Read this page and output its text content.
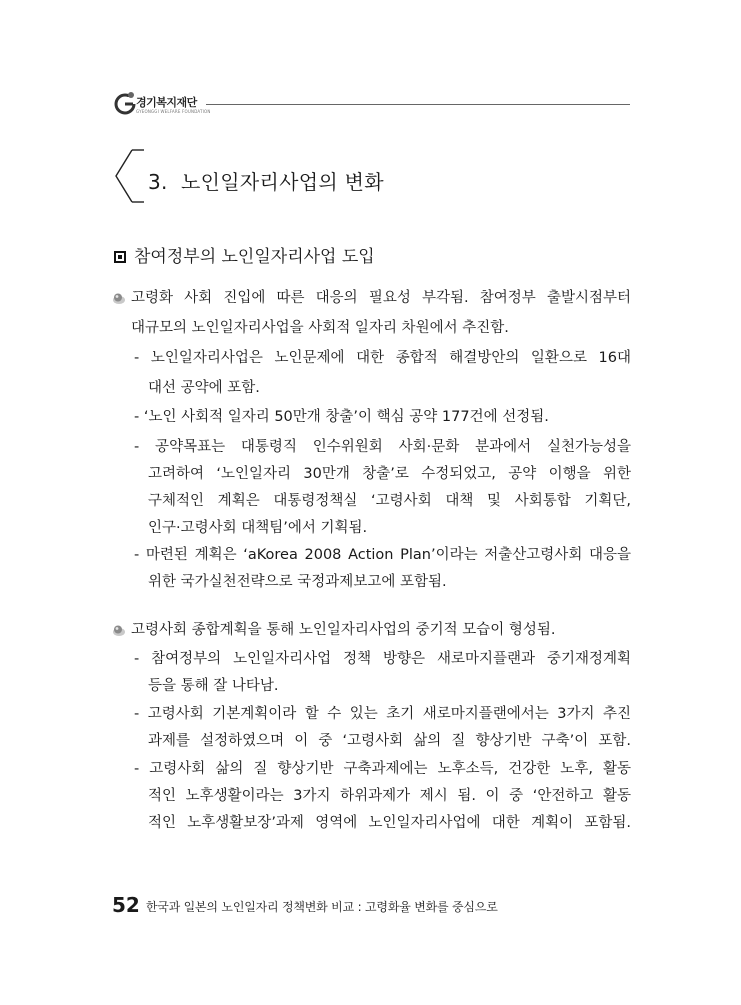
경기복지재단
GYEONGGI WELFARE FOUNDATION
3. 노인일자리사업의 변화
참여정부의 노인일자리사업 도입
고령화 사회 진입에 따른 대응의 필요성 부각됨. 참여정부 출발시점부터
대규모의 노인일자리사업을 사회적 일자리 차원에서 추진함.
- 노인일자리사업은 노인문제에 대한 종합적 해결방안의 일환으로 16대
대선 공약에 포함.
- ‘노인 사회적 일자리 50만개 창출’이 핵심 공약 177건에 선정됨.
- 공약목표는 대통령직 인수위원회 사회·문화 분과에서 실천가능성을
고려하여 ‘노인일자리 30만개 창출’로 수정되었고, 공약 이행을 위한
구체적인 계획은 대통령정책실 ‘고령사회 대책 및 사회통합 기획단,
인구·고령사회 대책팀’에서 기획됨.
- 마련된 계획은 ‘aKorea 2008 Action Plan’이라는 저출산고령사회 대응을
위한 국가실천전략으로 국정과제보고에 포함됨.
고령사회 종합계획을 통해 노인일자리사업의 중기적 모습이 형성됨.
- 참여정부의 노인일자리사업 정책 방향은 새로마지플랜과 중기재정계획
등을 통해 잘 나타남.
- 고령사회 기본계획이라 할 수 있는 초기 새로마지플랜에서는 3가지 추진
과제를 설정하였으며 이 중 ‘고령사회 삶의 질 향상기반 구축’이 포함.
- 고령사회 삶의 질 향상기반 구축과제에는 노후소득, 건강한 노후, 활동
적인 노후생활이라는 3가지 하위과제가 제시 됨. 이 중 ‘안전하고 활동
적인 노후생활보장’과제 영역에 노인일자리사업에 대한 계획이 포함됨.
52 한국과 일본의 노인일자리 정책변화 비교 : 고령화율 변화를 중심으로
